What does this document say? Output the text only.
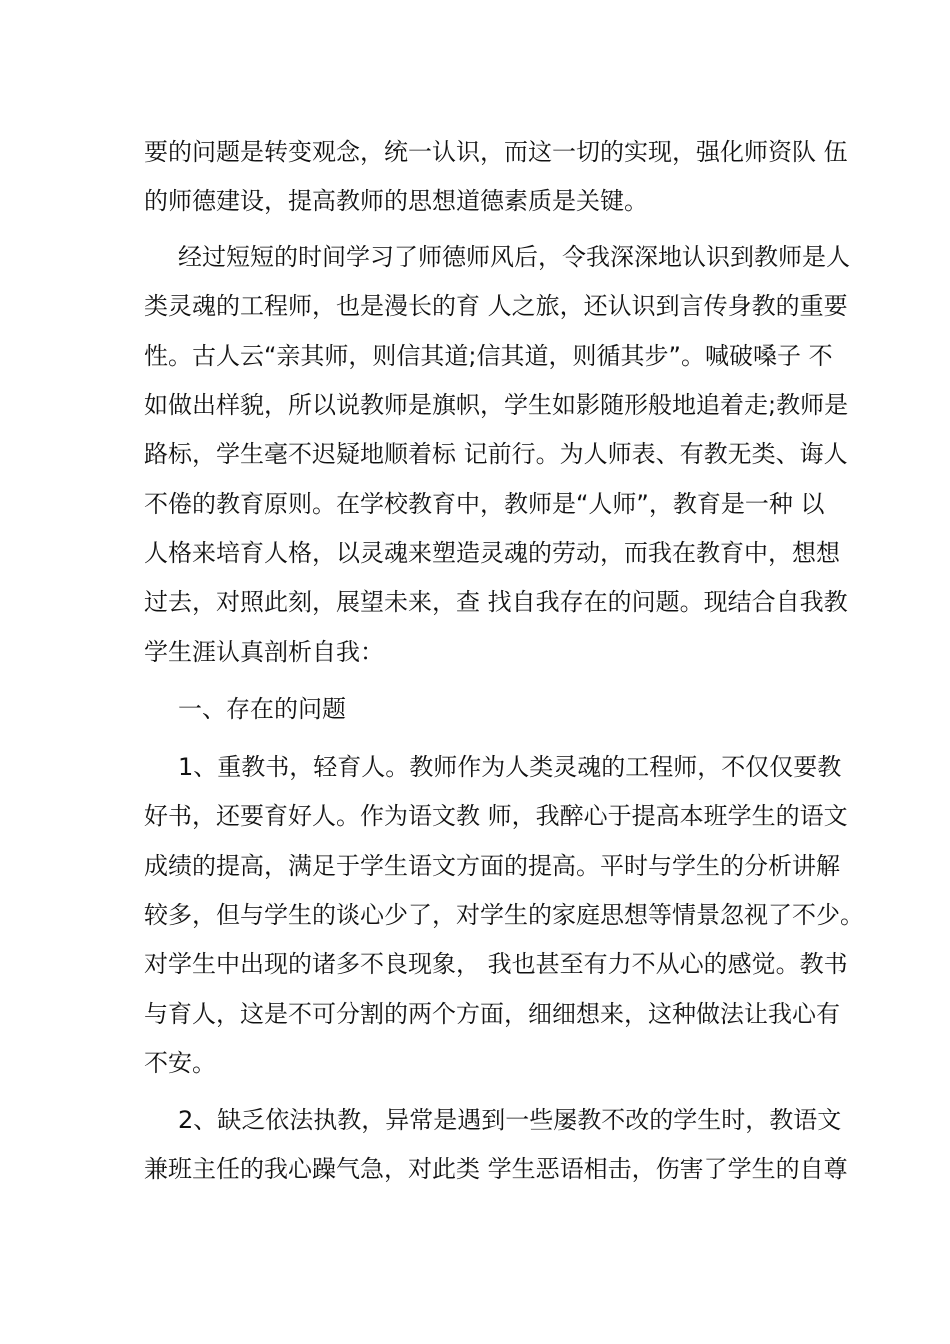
要的问题是转变观念，统一认识，而这一切的实现，强化师资队 伍
的师德建设，提高教师的思想道德素质是关键。
经过短短的时间学习了师德师风后，令我深深地认识到教师是人
类灵魂的工程师，也是漫长的育 人之旅，还认识到言传身教的重要
性。古人云“亲其师，则信其道;信其道，则循其步”。喊破嗓子 不
如做出样貌，所以说教师是旗帜，学生如影随形般地追着走;教师是
路标，学生毫不迟疑地顺着标 记前行。为人师表、有教无类、诲人
不倦的教育原则。在学校教育中，教师是“人师”，教育是一种 以
人格来培育人格，以灵魂来塑造灵魂的劳动，而我在教育中，想想
过去，对照此刻，展望未来，查 找自我存在的问题。现结合自我教
学生涯认真剖析自我：
一、存在的问题
1、重教书，轻育人。教师作为人类灵魂的工程师，不仅仅要教
好书，还要育好人。作为语文教 师，我醉心于提高本班学生的语文
成绩的提高，满足于学生语文方面的提高。平时与学生的分析讲解
较多，但与学生的谈心少了，对学生的家庭思想等情景忽视了不少。
对学生中出现的诸多不良现象， 我也甚至有力不从心的感觉。教书
与育人，这是不可分割的两个方面，细细想来，这种做法让我心有
不安。
2、缺乏依法执教，异常是遇到一些屡教不改的学生时，教语文
兼班主任的我心躁气急，对此类 学生恶语相击，伤害了学生的自尊
